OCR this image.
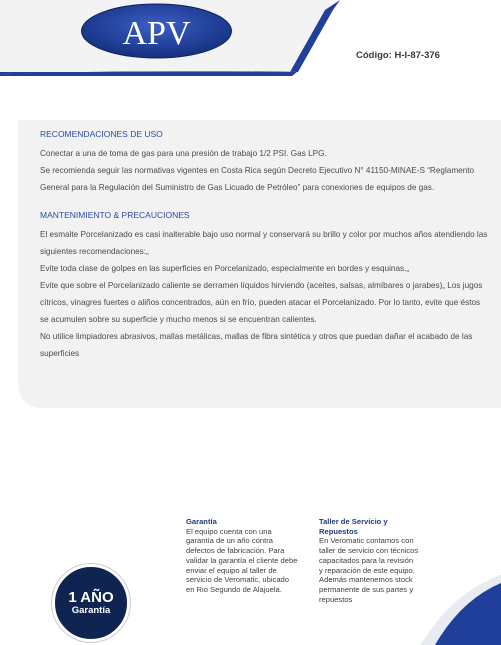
APV
Código: H-I-87-376

RECOMENDACIONES DE USO

Conectar a una de toma de gas para una presión de trabajo 1/2 PSI. Gas LPG.

Se recomienda seguir las normativas vigentes en Costa Rica según Decreto Ejecutivo N° 41150-MINAE-S “Reglamento General para la Regulación del Suministro de Gas Licuado de Petróleo” para conexiones de equipos de gas.

MANTENIMIENTO & PRECAUCIONES

El esmalte Porcelanizado es casi inalterable bajo uso normal y conservará su brillo y color por muchos años atendiendo las siguientes recomendaciones:„

Evite toda clase de golpes en las superficies en Porcelanizado, especialmente en bordes y esquinas.„

Evite que sobre el Porcelanizado caliente se derramen líquidos hirviendo (aceites, salsas, almíbares o jarabes)„ Los jugos cítricos, vinagres fuertes o aliños concentrados, aún en frío, pueden atacar el Porcelanizado. Por lo tanto, evite que éstos se acumulen sobre su superficie y mucho menos si se encuentran calientes.

No utilice limpiadores abrasivos, mallas metálicas, mallas de fibra sintética y otros que puedan dañar el acabado de las superficies

1 AÑO
Garantía
Garantía
El equipo cuenta con una garantía de un año contra defectos de fabricación. Para validar la garantía el cliente debe enviar el equipo al taller de servicio de Veromatic, ubicado en Rio Segundo de Alajuela.
Taller de Servicio y Repuestos
En Veromatic contamos con taller de servicio con técnicos capacitados para la revisión y reparación de este equipo. Además mantenemos stock permanente de sus partes y repuestos
